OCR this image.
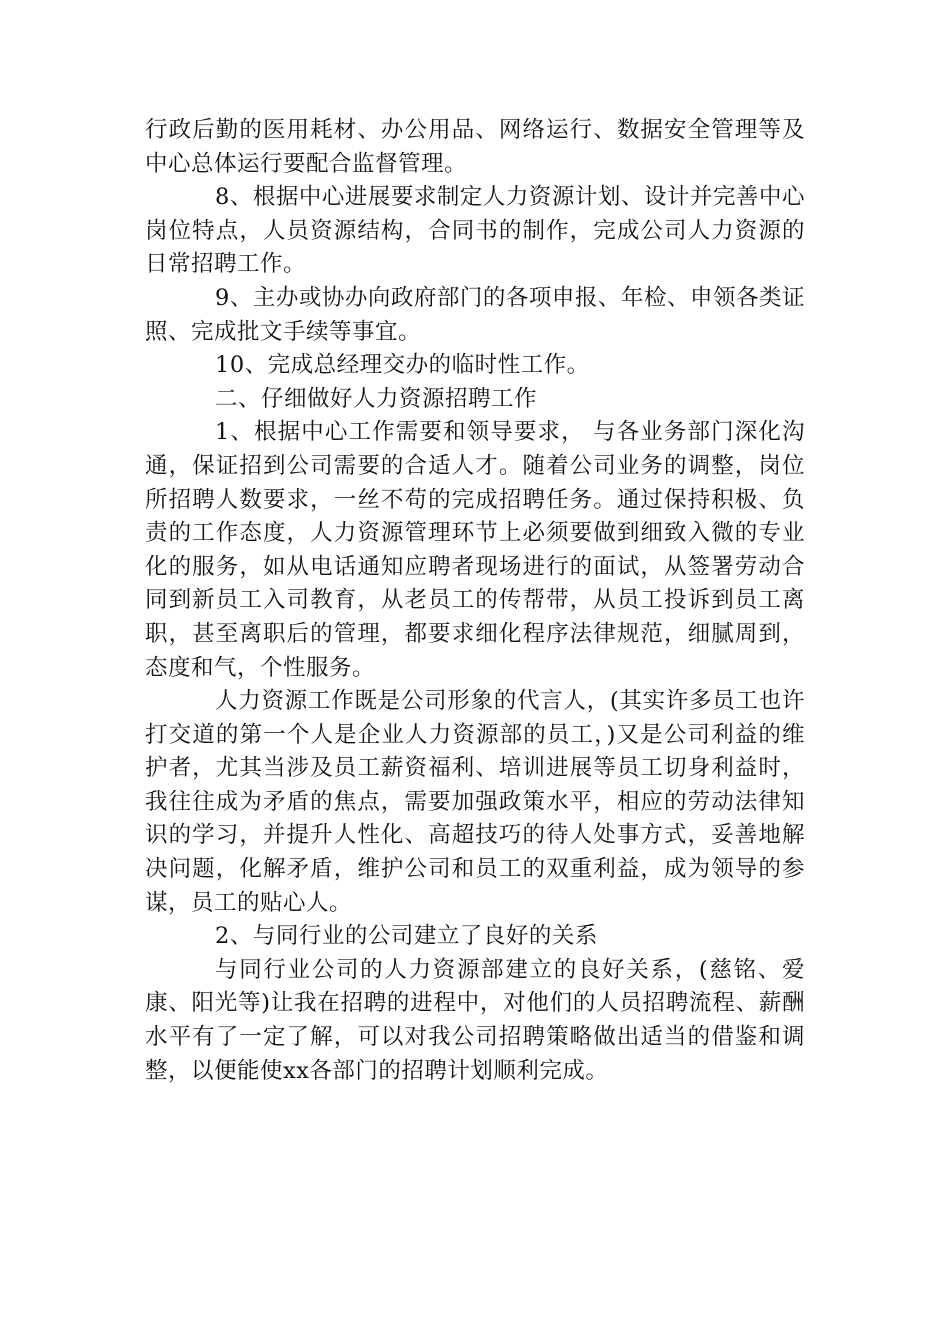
行政后勤的医用耗材、办公用品、网络运行、数据安全管理等及中心总体运行要配合监督管理。

8、根据中心进展要求制定人力资源计划、设计并完善中心岗位特点，人员资源结构，合同书的制作，完成公司人力资源的日常招聘工作。

9、主办或协办向政府部门的各项申报、年检、申领各类证照、完成批文手续等事宜。

10、完成总经理交办的临时性工作。

二、仔细做好人力资源招聘工作

1、根据中心工作需要和领导要求， 与各业务部门深化沟通，保证招到公司需要的合适人才。随着公司业务的调整，岗位所招聘人数要求，一丝不苟的完成招聘任务。通过保持积极、负责的工作态度，人力资源管理环节上必须要做到细致入微的专业化的服务，如从电话通知应聘者现场进行的面试，从签署劳动合同到新员工入司教育，从老员工的传帮带，从员工投诉到员工离职，甚至离职后的管理，都要求细化程序法律规范，细腻周到，态度和气，个性服务。

人力资源工作既是公司形象的代言人，(其实许多员工也许打交道的第一个人是企业人力资源部的员工，)又是公司利益的维护者，尤其当涉及员工薪资福利、培训进展等员工切身利益时，我往往成为矛盾的焦点，需要加强政策水平，相应的劳动法律知识的学习，并提升人性化、高超技巧的待人处事方式，妥善地解决问题，化解矛盾，维护公司和员工的双重利益，成为领导的参谋，员工的贴心人。

2、与同行业的公司建立了良好的关系

与同行业公司的人力资源部建立的良好关系，(慈铭、爱康、阳光等)让我在招聘的进程中，对他们的人员招聘流程、薪酬水平有了一定了解，可以对我公司招聘策略做出适当的借鉴和调整，以便能使xx各部门的招聘计划顺利完成。
